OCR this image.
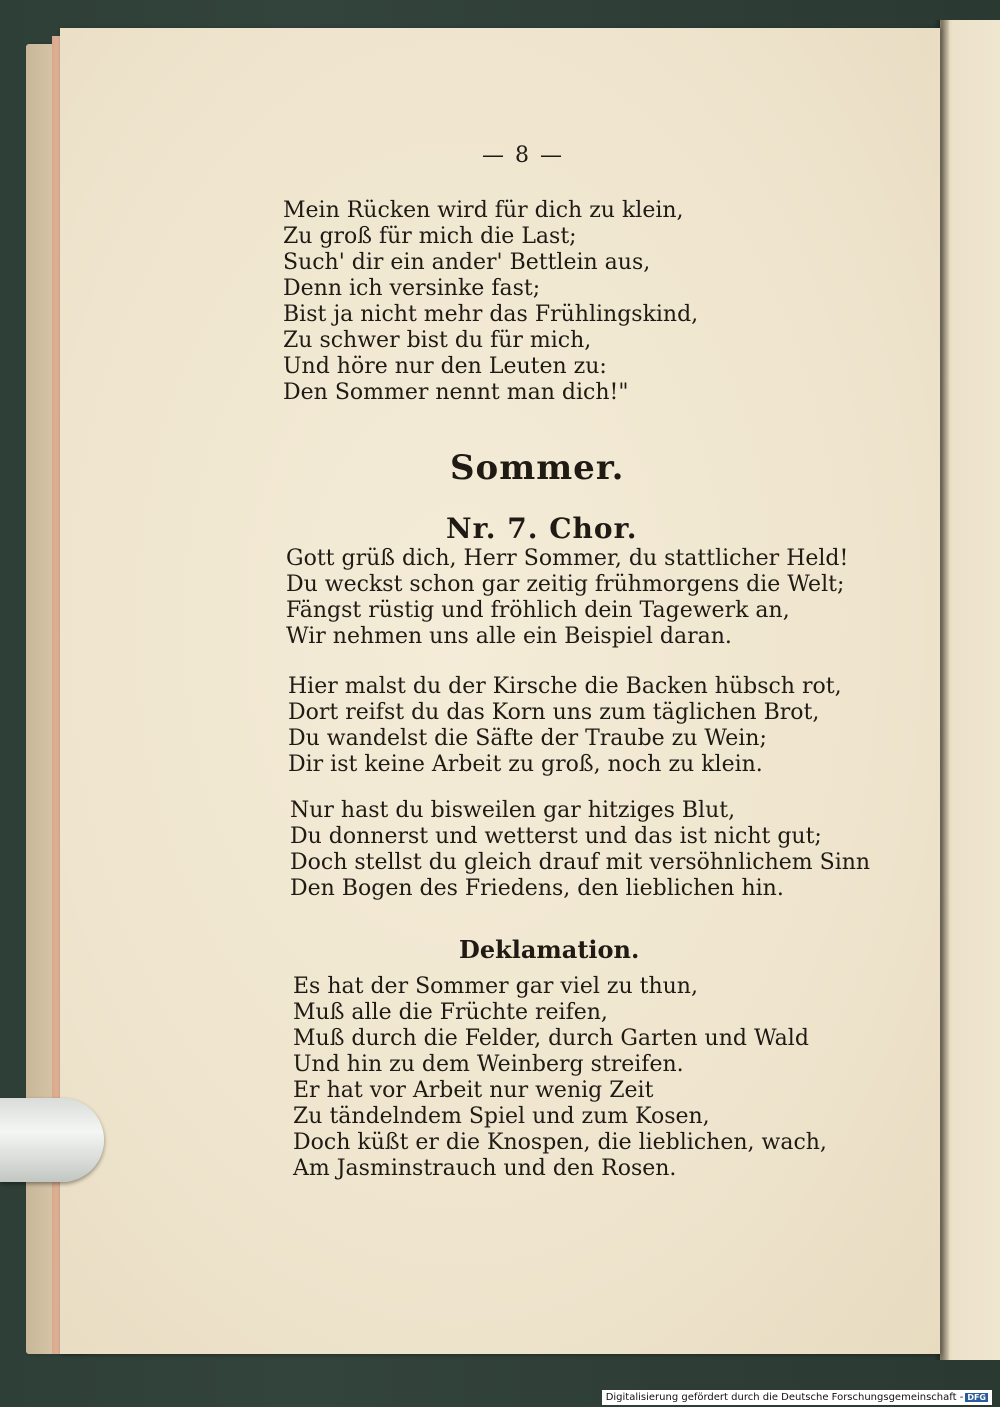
— 8 —
Mein Rücken wird für dich zu klein,
Zu groß für mich die Last;
Such' dir ein ander' Bettlein aus,
Denn ich versinke fast;
Bist ja nicht mehr das Frühlingskind,
Zu schwer bist du für mich,
Und höre nur den Leuten zu:
Den Sommer nennt man dich!"
Sommer.
Nr. 7. Chor.
Gott grüß dich, Herr Sommer, du stattlicher Held!
Du weckst schon gar zeitig frühmorgens die Welt;
Fängst rüstig und fröhlich dein Tagewerk an,
Wir nehmen uns alle ein Beispiel daran.
Hier malst du der Kirsche die Backen hübsch rot,
Dort reifst du das Korn uns zum täglichen Brot,
Du wandelst die Säfte der Traube zu Wein;
Dir ist keine Arbeit zu groß, noch zu klein.
Nur hast du bisweilen gar hitziges Blut,
Du donnerst und wetterst und das ist nicht gut;
Doch stellst du gleich drauf mit versöhnlichem Sinn
Den Bogen des Friedens, den lieblichen hin.
Deklamation.
Es hat der Sommer gar viel zu thun,
Muß alle die Früchte reifen,
Muß durch die Felder, durch Garten und Wald
Und hin zu dem Weinberg streifen.
Er hat vor Arbeit nur wenig Zeit
Zu tändelndem Spiel und zum Kosen,
Doch küßt er die Knospen, die lieblichen, wach,
Am Jasminstrauch und den Rosen.
Digitalisierung gefördert durch die Deutsche Forschungsgemeinschaft - DFG
